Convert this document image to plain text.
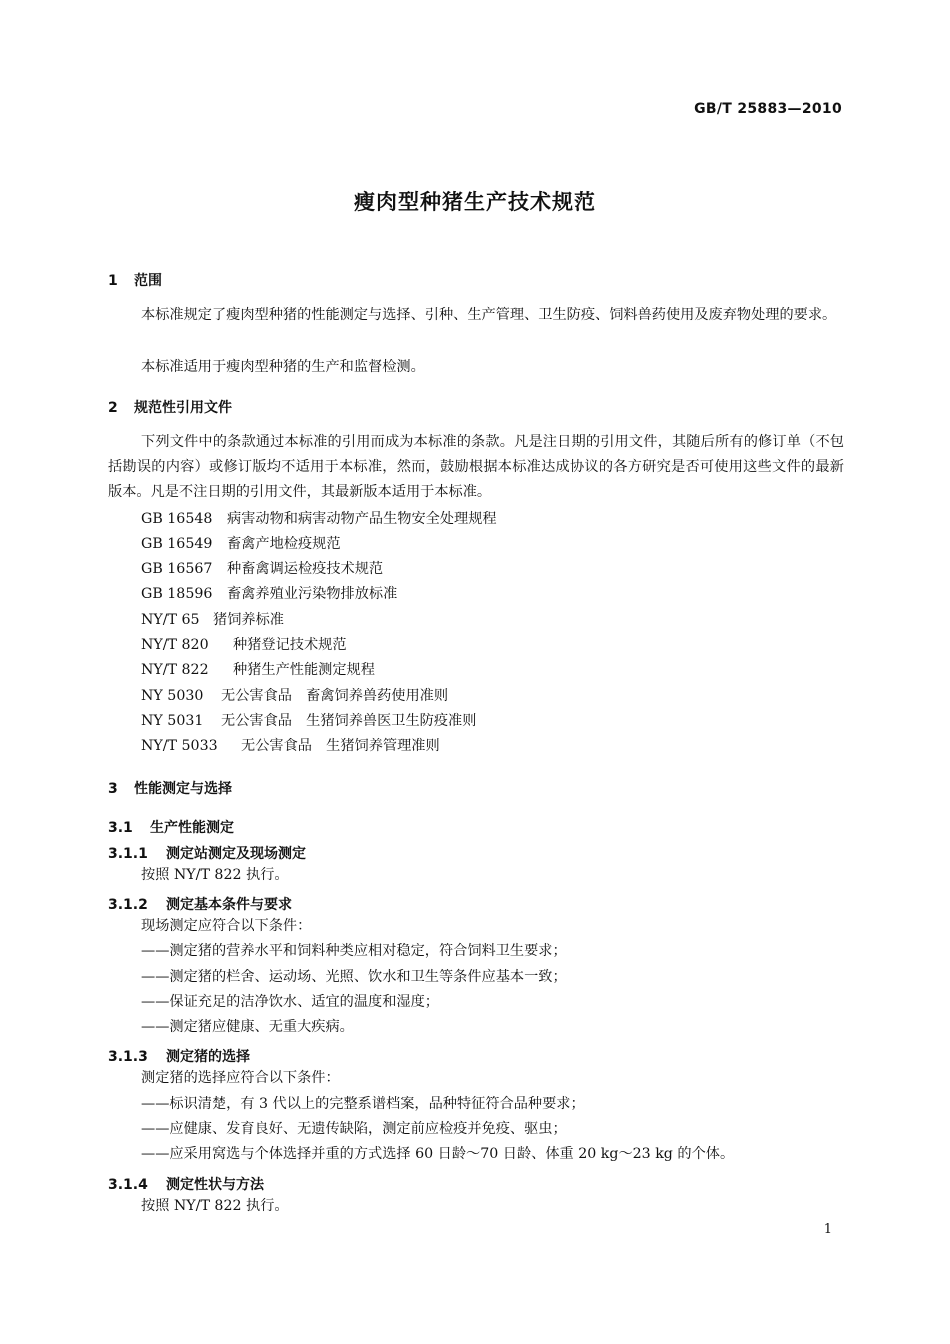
GB/T 25883—2010
瘦肉型种猪生产技术规范
1 范围
本标准规定了瘦肉型种猪的性能测定与选择、引种、生产管理、卫生防疫、饲料兽药使用及废弃物处理的要求。
本标准适用于瘦肉型种猪的生产和监督检测。
2 规范性引用文件
下列文件中的条款通过本标准的引用而成为本标准的条款。凡是注日期的引用文件，其随后所有的修订单（不包括勘误的内容）或修订版均不适用于本标准，然而，鼓励根据本标准达成协议的各方研究是否可使用这些文件的最新版本。凡是不注日期的引用文件，其最新版本适用于本标准。
GB 16548 病害动物和病害动物产品生物安全处理规程
GB 16549 畜禽产地检疫规范
GB 16567 种畜禽调运检疫技术规范
GB 18596 畜禽养殖业污染物排放标准
NY/T 65 猪饲养标准
NY/T 820 种猪登记技术规范
NY/T 822 种猪生产性能测定规程
NY 5030 无公害食品　畜禽饲养兽药使用准则
NY 5031 无公害食品　生猪饲养兽医卫生防疫准则
NY/T 5033 无公害食品　生猪饲养管理准则
3 性能测定与选择
3.1 生产性能测定
3.1.1 测定站测定及现场测定
按照 NY/T 822 执行。
3.1.2 测定基本条件与要求
现场测定应符合以下条件：
——测定猪的营养水平和饲料种类应相对稳定，符合饲料卫生要求；
——测定猪的栏舍、运动场、光照、饮水和卫生等条件应基本一致；
——保证充足的洁净饮水、适宜的温度和湿度；
——测定猪应健康、无重大疾病。
3.1.3 测定猪的选择
测定猪的选择应符合以下条件：
——标识清楚，有 3 代以上的完整系谱档案，品种特征符合品种要求；
——应健康、发育良好、无遗传缺陷，测定前应检疫并免疫、驱虫；
——应采用窝选与个体选择并重的方式选择 60 日龄～70 日龄、体重 20 kg～23 kg 的个体。
3.1.4 测定性状与方法
按照 NY/T 822 执行。
1
